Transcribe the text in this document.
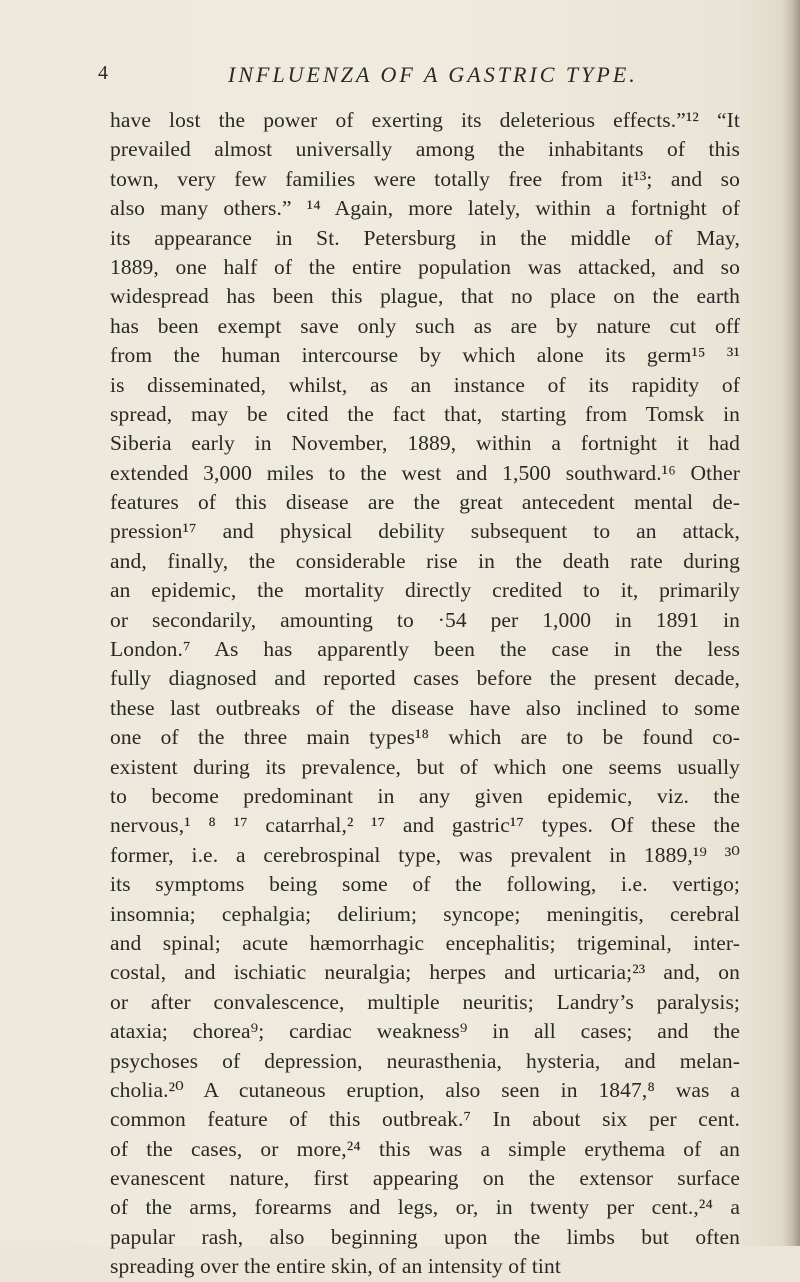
4	INFLUENZA OF A GASTRIC TYPE.
have lost the power of exerting its deleterious effects.”¹² “It
prevailed almost universally among the inhabitants of this
town, very few families were totally free from it¹³; and so
also many others.” ¹⁴ Again, more lately, within a fortnight of
its appearance in St. Petersburg in the middle of May,
1889, one half of the entire population was attacked, and so
widespread has been this plague, that no place on the earth
has been exempt save only such as are by nature cut off
from the human intercourse by which alone its germ¹⁵ ³¹
is disseminated, whilst, as an instance of its rapidity of
spread, may be cited the fact that, starting from Tomsk in
Siberia early in November, 1889, within a fortnight it had
extended 3,000 miles to the west and 1,500 southward.¹⁶ Other
features of this disease are the great antecedent mental de-
pression¹⁷ and physical debility subsequent to an attack,
and, finally, the considerable rise in the death rate during
an epidemic, the mortality directly credited to it, primarily
or secondarily, amounting to ·54 per 1,000 in 1891 in
London.⁷ As has apparently been the case in the less
fully diagnosed and reported cases before the present decade,
these last outbreaks of the disease have also inclined to some
one of the three main types¹⁸ which are to be found co-
existent during its prevalence, but of which one seems usually
to become predominant in any given epidemic, viz. the
nervous,¹ ⁸ ¹⁷ catarrhal,² ¹⁷ and gastric¹⁷ types. Of these the
former, i.e. a cerebrospinal type, was prevalent in 1889,¹⁹ ³⁰
its symptoms being some of the following, i.e. vertigo;
insomnia; cephalgia; delirium; syncope; meningitis, cerebral
and spinal; acute hæmorrhagic encephalitis; trigeminal, inter-
costal, and ischiatic neuralgia; herpes and urticaria;²³ and, on
or after convalescence, multiple neuritis; Landry’s paralysis;
ataxia; chorea⁹; cardiac weakness⁹ in all cases; and the
psychoses of depression, neurasthenia, hysteria, and melan-
cholia.²⁰ A cutaneous eruption, also seen in 1847,⁸ was a
common feature of this outbreak.⁷ In about six per cent.
of the cases, or more,²⁴ this was a simple erythema of an
evanescent nature, first appearing on the extensor surface
of the arms, forearms and legs, or, in twenty per cent.,²⁴ a
papular rash, also beginning upon the limbs but often
spreading over the entire skin, of an intensity of tint
